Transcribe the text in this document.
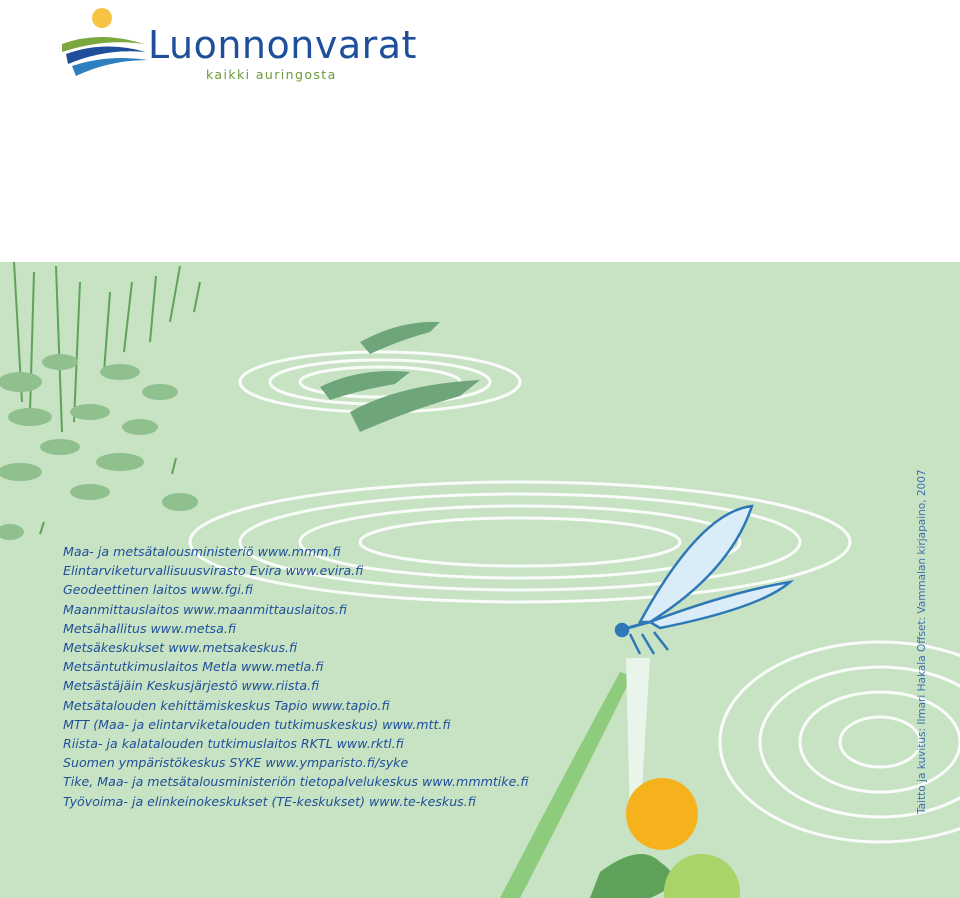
Luonnonvarat
kaikki auringosta
Maa- ja metsätalousministeriö www.mmm.fi
Elintarviketurvallisuusvirasto Evira www.evira.fi
Geodeettinen laitos www.fgi.fi
Maanmittauslaitos www.maanmittauslaitos.fi
Metsähallitus www.metsa.fi
Metsäkeskukset www.metsakeskus.fi
Metsäntutkimuslaitos Metla www.metla.fi
Metsästäjäin Keskusjärjestö www.riista.fi
Metsätalouden kehittämiskeskus Tapio www.tapio.fi
MTT (Maa- ja elintarviketalouden tutkimuskeskus) www.mtt.fi
Riista- ja kalatalouden tutkimuslaitos RKTL www.rktl.fi
Suomen ympäristökeskus SYKE www.ymparisto.fi/syke
Tike, Maa- ja metsätalousministeriön tietopalvelukeskus www.mmmtike.fi
Työvoima- ja elinkeinokeskukset (TE-keskukset) www.te-keskus.fi	Taitto ja kuvitus: Ilmari Hakala Offset: Vammalan kirjapaino, 2007
